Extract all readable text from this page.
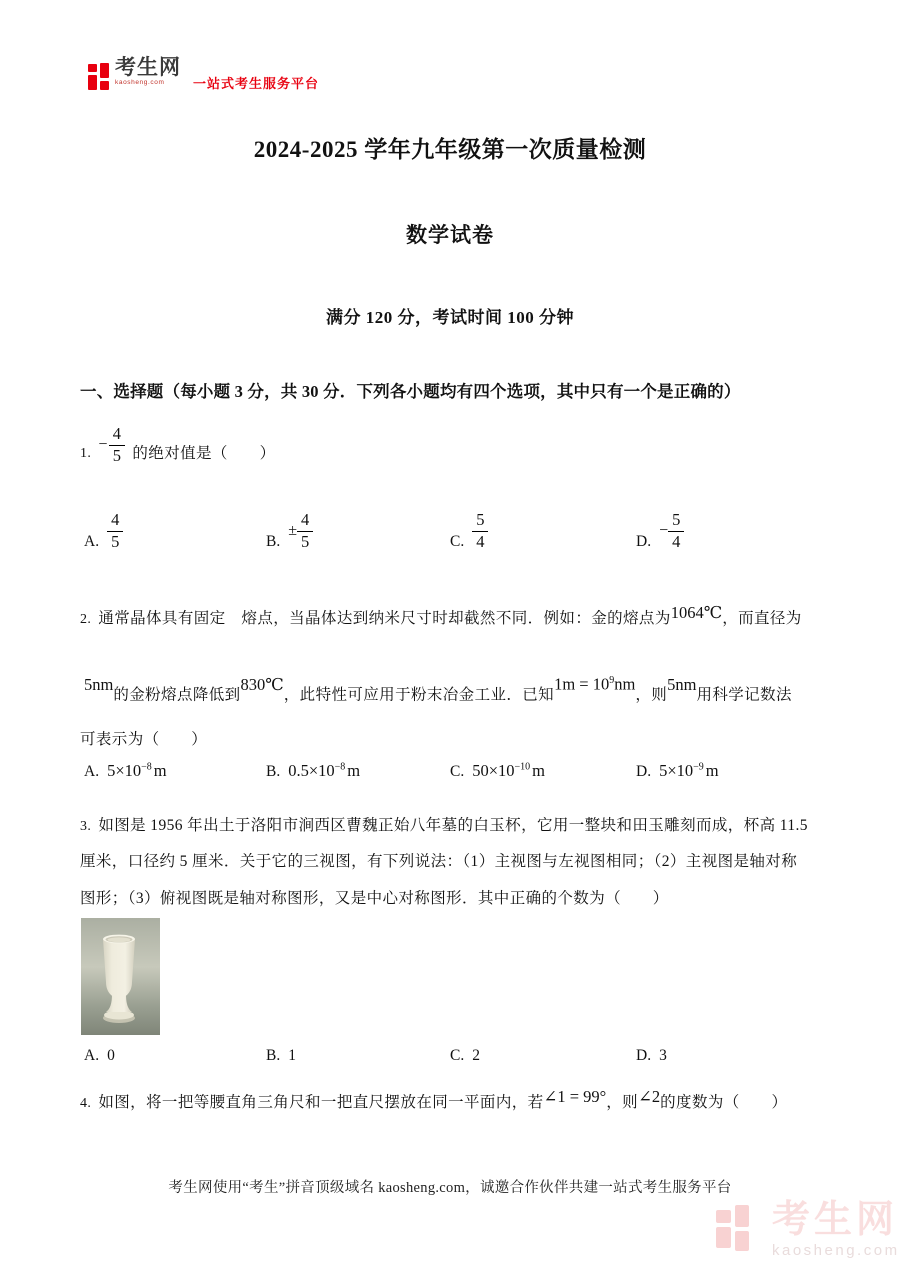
考生网
kaosheng.com	一站式考生服务平台
2024-2025 学年九年级第一次质量检测
数学试卷
满分 120 分，考试时间 100 分钟
一、选择题（每小题 3 分，共 30 分．下列各小题均有四个选项，其中只有一个是正确的）
1. − $\frac{4}{5}$ 的绝对值是（　　）
A. $\frac{4}{5}$	B.
± $\frac{4}{5}$	C. $\frac{5}{4}$	D.
− $\frac{5}{4}$
2. 通常晶体具有固定　熔点，当晶体达到纳米尺寸时却截然不同．例如：金的熔点为1064℃，而直径为
5nm的金粉熔点降低到830℃，此特性可应用于粉末冶金工业．已知$1m = 10^9nm$，则5nm用科学记数法
可表示为（　　）
A. $5\times 10^{-8}$ m	B. $0.5\times 10^{-8}$ m	C. $50\times 10^{-10}$ m	D. $5\times 10^{-9}$ m
3. 如图是 1956 年出土于洛阳市涧西区曹魏正始八年墓的白玉杯，它用一整块和田玉雕刻而成，杯高 11.5
厘米，口径约 5 厘米．关于它的三视图，有下列说法：（1）主视图与左视图相同；（2）主视图是轴对称
图形；（3）俯视图既是轴对称图形，又是中心对称图形．其中正确的个数为（　　）
A. 0	B. 1	C. 2	D. 3
4. 如图，将一把等腰直角三角尺和一把直尺摆放在同一平面内，若∠1 = 99°，则∠2的度数为（　　）
考生网使用“考生”拼音顶级域名 kaosheng.com，诚邀合作伙伴共建一站式考生服务平台
考生网
kaosheng.com
